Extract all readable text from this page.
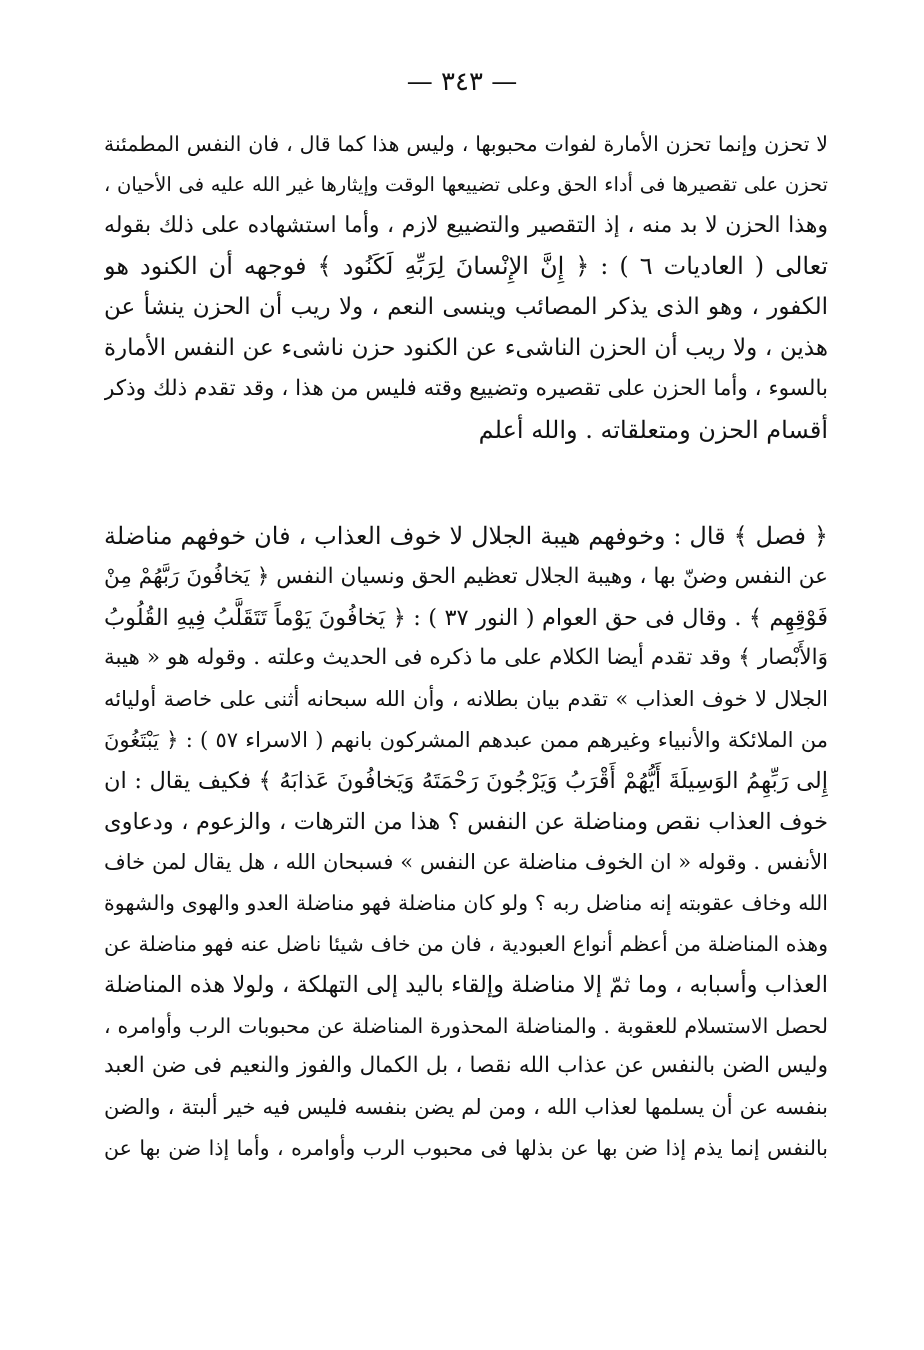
— ٣٤٣ —
لا تحزن وإنما تحزن الأمارة لفوات محبوبها ، وليس هذا كما قال ، فان النفس المطمئنة
تحزن على تقصيرها فى أداء الحق وعلى تضييعها الوقت وإيثارها غير الله عليه فى الأحيان ،
وهذا الحزن لا بد منه ، إذ التقصير والتضييع لازم ، وأما استشهاده على ذلك بقوله
تعالى ( العاديات ٦ ) : ﴿ إِنَّ الإِنْسانَ لِرَبِّهِ لَكَنُود ﴾ فوجهه أن الكنود هو
الكفور ، وهو الذى يذكر المصائب وينسى النعم ، ولا ريب أن الحزن ينشأ عن
هذين ، ولا ريب أن الحزن الناشىء عن الكنود حزن ناشىء عن النفس الأمارة
بالسوء ، وأما الحزن على تقصيره وتضييع وقته فليس من هذا ، وقد تقدم ذلك وذكر
أقسام الحزن ومتعلقاته . والله أعلم
﴿ فصل ﴾ قال : وخوفهم هيبة الجلال لا خوف العذاب ، فان خوفهم مناضلة
عن النفس وضنّ بها ، وهيبة الجلال تعظيم الحق ونسيان النفس ﴿ يَخافُونَ رَبَّهُمْ مِنْ
فَوْقِهِم ﴾ . وقال فى حق العوام ( النور ٣٧ ) : ﴿ يَخافُونَ يَوْماً تَتَقَلَّبُ فِيهِ القُلُوبُ
وَالأَبْصار ﴾ وقد تقدم أيضا الكلام على ما ذكره فى الحديث وعلته . وقوله هو « هيبة
الجلال لا خوف العذاب » تقدم بيان بطلانه ، وأن الله سبحانه أثنى على خاصة أوليائه
من الملائكة والأنبياء وغيرهم ممن عبدهم المشركون بانهم ( الاسراء ٥٧ ) : ﴿ يَبْتَغُونَ
إِلى رَبِّهِمُ الوَسِيلَةَ أَيُّهُمْ أَقْرَبُ وَيَرْجُونَ رَحْمَتَهُ وَيَخافُونَ عَذابَهُ ﴾ فكيف يقال : ان
خوف العذاب نقص ومناضلة عن النفس ؟ هذا من الترهات ، والزعوم ، ودعاوى
الأنفس . وقوله « ان الخوف مناضلة عن النفس » فسبحان الله ، هل يقال لمن خاف
الله وخاف عقوبته إنه مناضل ربه ؟ ولو كان مناضلة فهو مناضلة العدو والهوى والشهوة
وهذه المناضلة من أعظم أنواع العبودية ، فان من خاف شيئا ناضل عنه فهو مناضلة عن
العذاب وأسبابه ، وما ثمّ إلا مناضلة وإلقاء باليد إلى التهلكة ، ولولا هذه المناضلة
لحصل الاستسلام للعقوبة . والمناضلة المحذورة المناضلة عن محبوبات الرب وأوامره ،
وليس الضن بالنفس عن عذاب الله نقصا ، بل الكمال والفوز والنعيم فى ضن العبد
بنفسه عن أن يسلمها لعذاب الله ، ومن لم يضن بنفسه فليس فيه خير ألبتة ، والضن
بالنفس إنما يذم إذا ضن بها عن بذلها فى محبوب الرب وأوامره ، وأما إذا ضن بها عن
